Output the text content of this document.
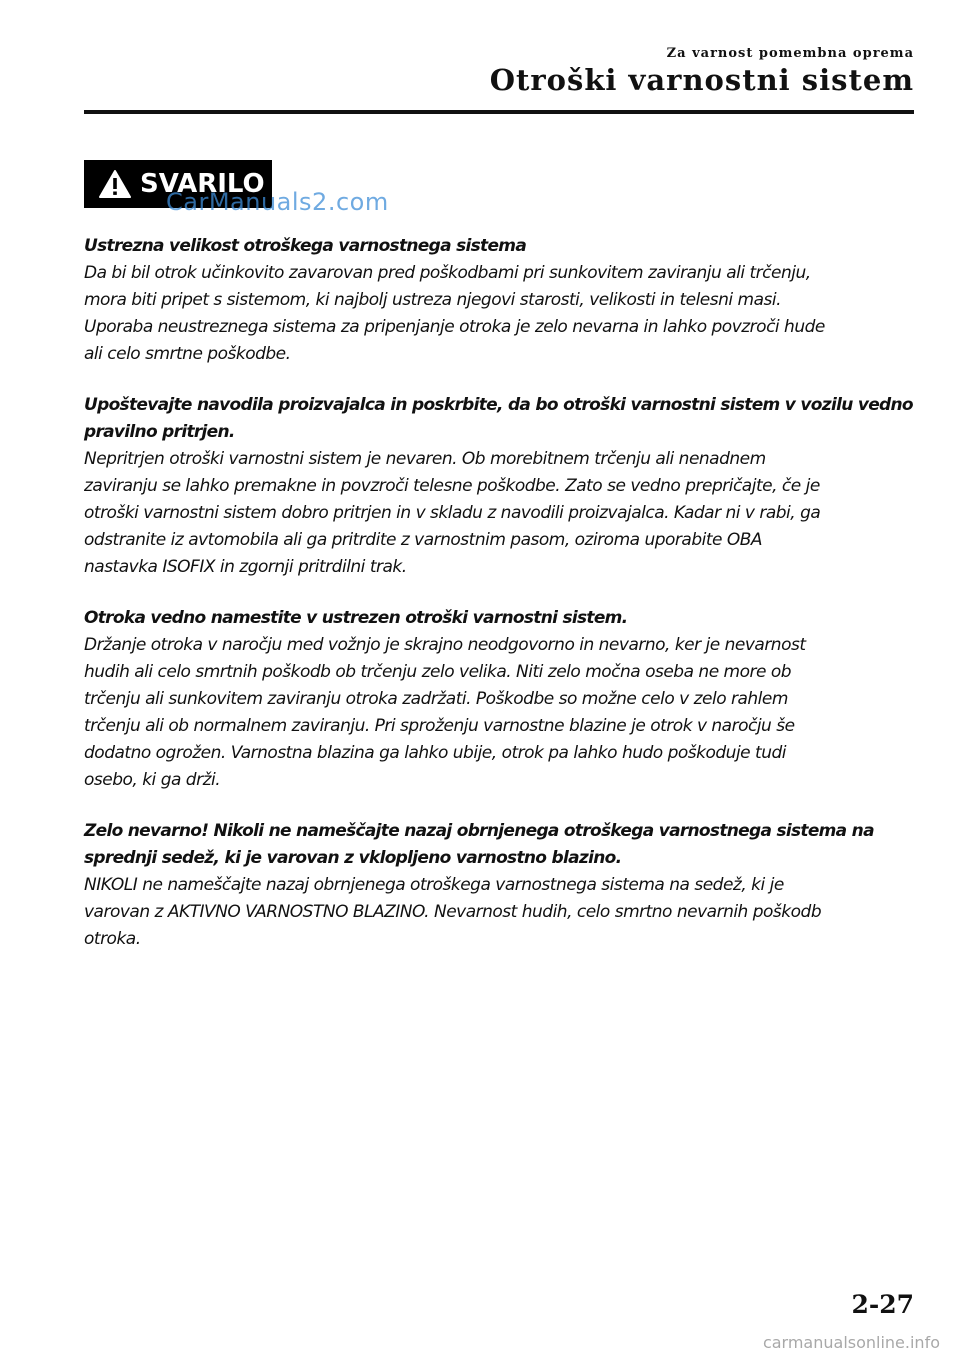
Za varnost pomembna oprema
Otroški varnostni sistem
SVARILO
CarManuals2.com

Ustrezna velikost otroškega varnostnega sistema

Da bi bil otrok učinkovito zavarovan pred poškodbami pri sunkovitem zaviranju ali trčenju,

mora biti pripet s sistemom, ki najbolj ustreza njegovi starosti, velikosti in telesni masi.

Uporaba neustreznega sistema za pripenjanje otroka je zelo nevarna in lahko povzroči hude

ali celo smrtne poškodbe.

Upoštevajte navodila proizvajalca in poskrbite, da bo otroški varnostni sistem v vozilu vedno

pravilno pritrjen.

Nepritrjen otroški varnostni sistem je nevaren. Ob morebitnem trčenju ali nenadnem

zaviranju se lahko premakne in povzroči telesne poškodbe. Zato se vedno prepričajte, če je

otroški varnostni sistem dobro pritrjen in v skladu z navodili proizvajalca. Kadar ni v rabi, ga

odstranite iz avtomobila ali ga pritrdite z varnostnim pasom, oziroma uporabite OBA

nastavka ISOFIX in zgornji pritrdilni trak.

Otroka vedno namestite v ustrezen otroški varnostni sistem.

Držanje otroka v naročju med vožnjo je skrajno neodgovorno in nevarno, ker je nevarnost

hudih ali celo smrtnih poškodb ob trčenju zelo velika. Niti zelo močna oseba ne more ob

trčenju ali sunkovitem zaviranju otroka zadržati. Poškodbe so možne celo v zelo rahlem

trčenju ali ob normalnem zaviranju. Pri sproženju varnostne blazine je otrok v naročju še

dodatno ogrožen. Varnostna blazina ga lahko ubije, otrok pa lahko hudo poškoduje tudi

osebo, ki ga drži.

Zelo nevarno! Nikoli ne nameščajte nazaj obrnjenega otroškega varnostnega sistema na

sprednji sedež, ki je varovan z vklopljeno varnostno blazino.

NIKOLI ne nameščajte nazaj obrnjenega otroškega varnostnega sistema na sedež, ki je

varovan z AKTIVNO VARNOSTNO BLAZINO. Nevarnost hudih, celo smrtno nevarnih poškodb

otroka.

2-27
carmanualsonline.info
